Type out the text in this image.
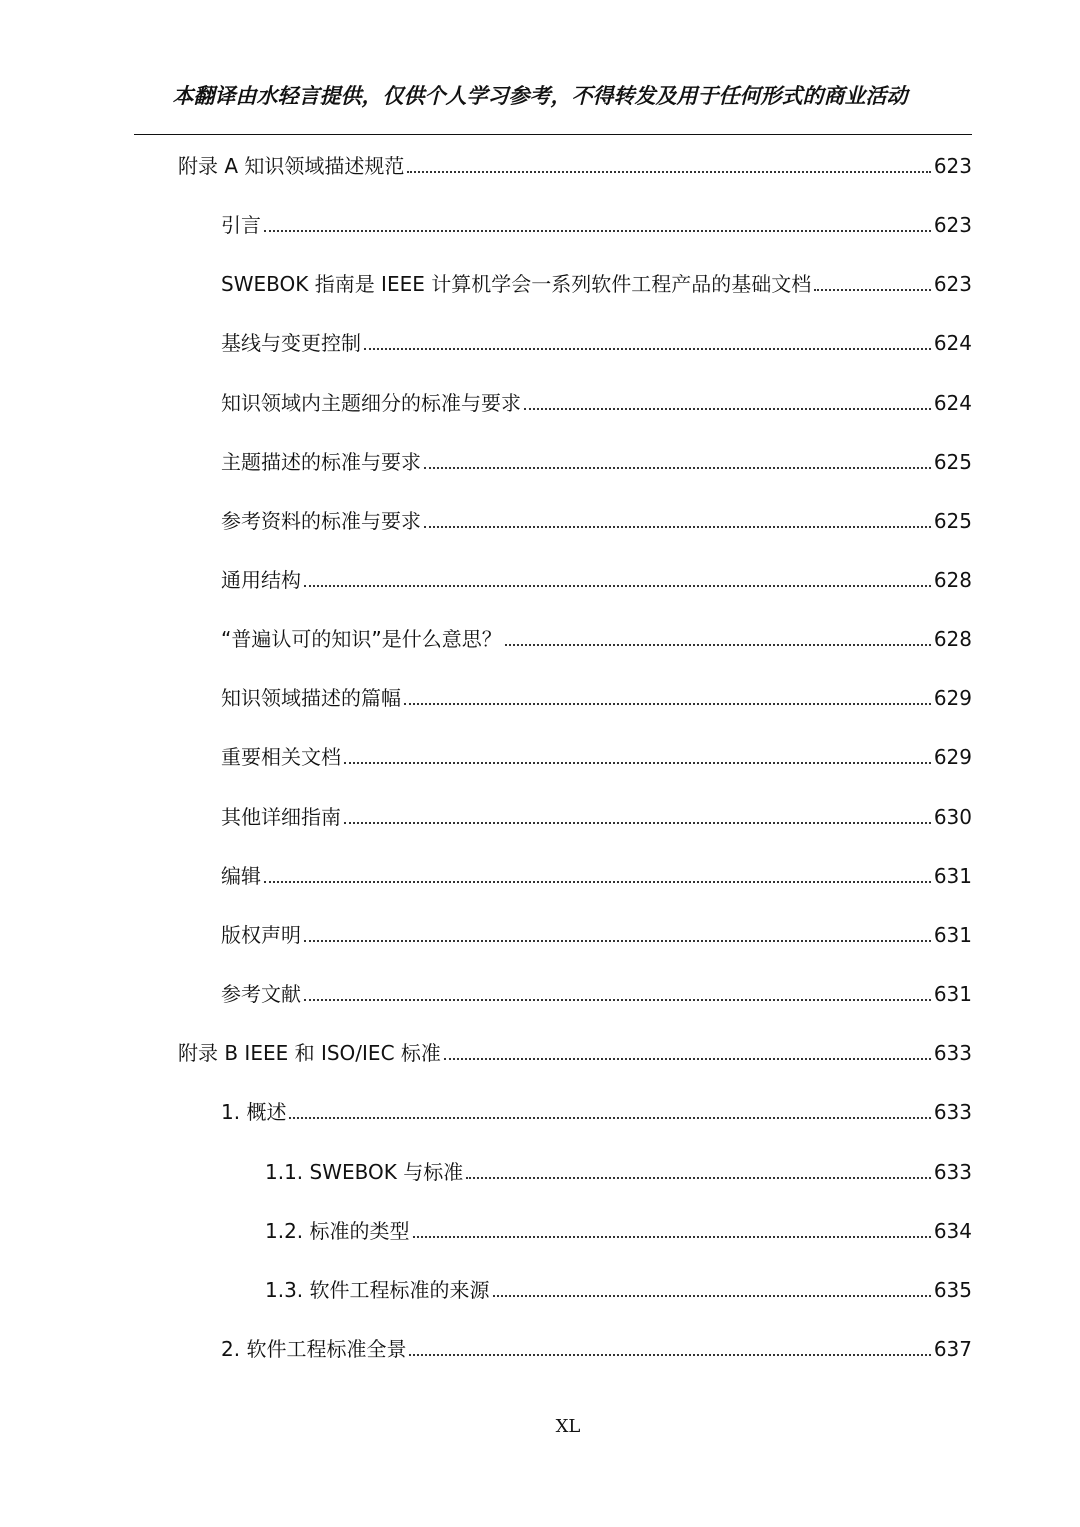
本翻译由水轻言提供，仅供个人学习参考，不得转发及用于任何形式的商业活动
附录 A 知识领域描述规范	623
引言	623
SWEBOK 指南是 IEEE 计算机学会一系列软件工程产品的基础文档	623
基线与变更控制	624
知识领域内主题细分的标准与要求	624
主题描述的标准与要求	625
参考资料的标准与要求	625
通用结构	628
“普遍认可的知识”是什么意思？	628
知识领域描述的篇幅	629
重要相关文档	629
其他详细指南	630
编辑	631
版权声明	631
参考文献	631
附录 B IEEE 和 ISO/IEC 标准	633
1. 概述	633
1.1. SWEBOK 与标准	633
1.2. 标准的类型	634
1.3. 软件工程标准的来源	635
2. 软件工程标准全景	637
XL
